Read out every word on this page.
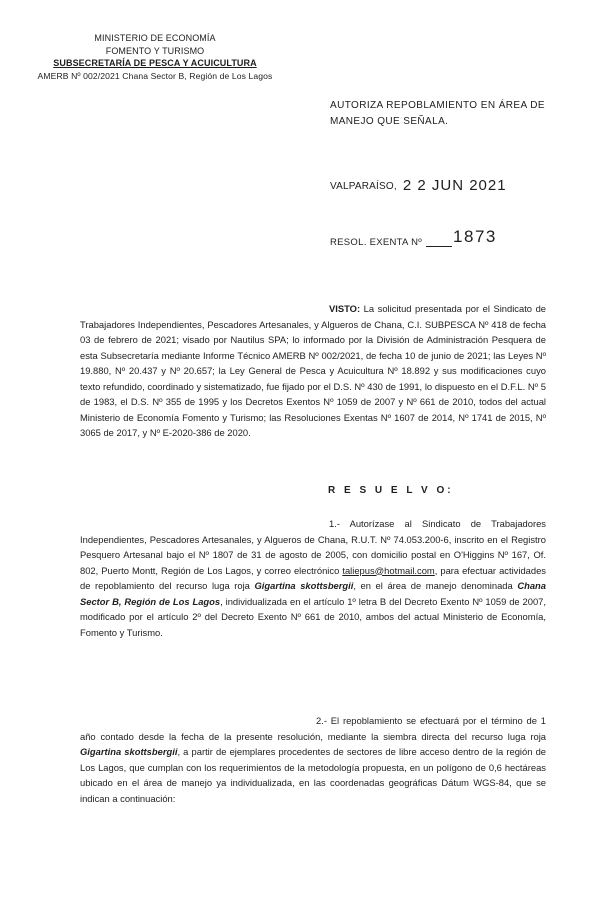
MINISTERIO DE ECONOMÍA
FOMENTO Y TURISMO
SUBSECRETARÍA DE PESCA Y ACUICULTURA
AMERB Nº 002/2021 Chana Sector B, Región de Los Lagos
AUTORIZA REPOBLAMIENTO EN ÁREA DE MANEJO QUE SEÑALA.
VALPARAÍSO, 2 2 JUN 2021
RESOL. EXENTA Nº 1873
VISTO: La solicitud presentada por el Sindicato de Trabajadores Independientes, Pescadores Artesanales, y Algueros de Chana, C.I. SUBPESCA Nº 418 de fecha 03 de febrero de 2021; visado por Nautilus SPA; lo informado por la División de Administración Pesquera de esta Subsecretaría mediante Informe Técnico AMERB Nº 002/2021, de fecha 10 de junio de 2021; las Leyes Nº 19.880, Nº 20.437 y Nº 20.657; la Ley General de Pesca y Acuicultura Nº 18.892 y sus modificaciones cuyo texto refundido, coordinado y sistematizado, fue fijado por el D.S. Nº 430 de 1991, lo dispuesto en el D.F.L. Nº 5 de 1983, el D.S. Nº 355 de 1995 y los Decretos Exentos Nº 1059 de 2007 y Nº 661 de 2010, todos del actual Ministerio de Economía Fomento y Turismo; las Resoluciones Exentas Nº 1607 de 2014, Nº 1741 de 2015, Nº 3065 de 2017, y Nº E-2020-386 de 2020.
R E S U E L V O:
1.- Autorízase al Sindicato de Trabajadores Independientes, Pescadores Artesanales, y Algueros de Chana, R.U.T. Nº 74.053.200-6, inscrito en el Registro Pesquero Artesanal bajo el Nº 1807 de 31 de agosto de 2005, con domicilio postal en O'Higgins Nº 167, Of. 802, Puerto Montt, Región de Los Lagos, y correo electrónico taliepus@hotmail.com, para efectuar actividades de repoblamiento del recurso luga roja Gigartina skottsbergii, en el área de manejo denominada Chana Sector B, Región de Los Lagos, individualizada en el artículo 1º letra B del Decreto Exento Nº 1059 de 2007, modificado por el artículo 2º del Decreto Exento Nº 661 de 2010, ambos del actual Ministerio de Economía, Fomento y Turismo.
2.- El repoblamiento se efectuará por el término de 1 año contado desde la fecha de la presente resolución, mediante la siembra directa del recurso luga roja Gigartina skottsbergii, a partir de ejemplares procedentes de sectores de libre acceso dentro de la región de Los Lagos, que cumplan con los requerimientos de la metodología propuesta, en un polígono de 0,6 hectáreas ubicado en el área de manejo ya individualizada, en las coordenadas geográficas Dátum WGS-84, que se indican a continuación:
